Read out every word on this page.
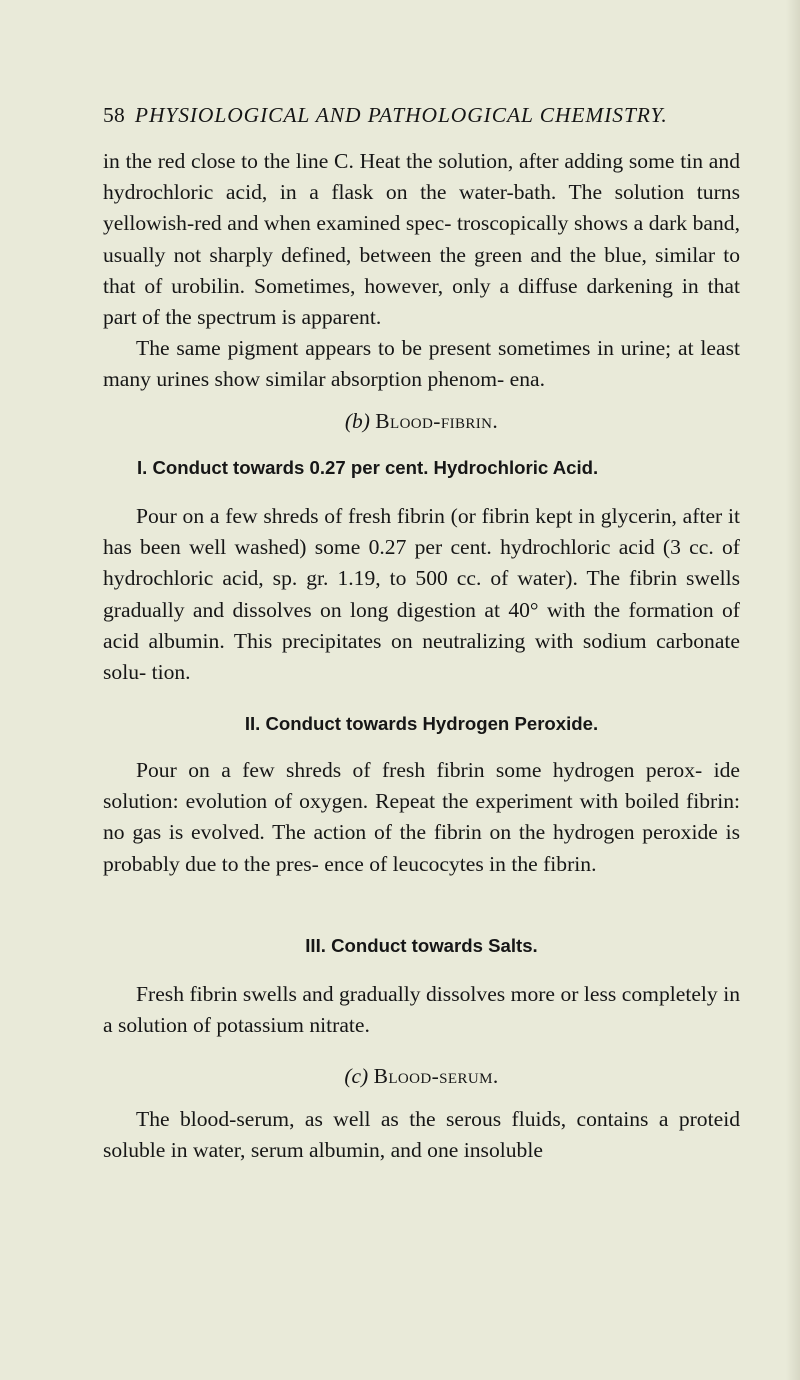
58 PHYSIOLOGICAL AND PATHOLOGICAL CHEMISTRY.

in the red close to the line C. Heat the solution, after adding some tin and hydrochloric acid, in a flask on the water-bath. The solution turns yellowish-red and when examined spec- troscopically shows a dark band, usually not sharply defined, between the green and the blue, similar to that of urobilin. Sometimes, however, only a diffuse darkening in that part of the spectrum is apparent.

The same pigment appears to be present sometimes in urine; at least many urines show similar absorption phenom- ena.

(b) Blood-fibrin.
I. Conduct towards 0.27 per cent. Hydrochloric Acid.

Pour on a few shreds of fresh fibrin (or fibrin kept in glycerin, after it has been well washed) some 0.27 per cent. hydrochloric acid (3 cc. of hydrochloric acid, sp. gr. 1.19, to 500 cc. of water). The fibrin swells gradually and dissolves on long digestion at 40° with the formation of acid albumin. This precipitates on neutralizing with sodium carbonate solu- tion.

II. Conduct towards Hydrogen Peroxide.

Pour on a few shreds of fresh fibrin some hydrogen perox- ide solution: evolution of oxygen. Repeat the experiment with boiled fibrin: no gas is evolved. The action of the fibrin on the hydrogen peroxide is probably due to the pres- ence of leucocytes in the fibrin.

III. Conduct towards Salts.

Fresh fibrin swells and gradually dissolves more or less completely in a solution of potassium nitrate.

(c) Blood-serum.

The blood-serum, as well as the serous fluids, contains a proteid soluble in water, serum albumin, and one insoluble
